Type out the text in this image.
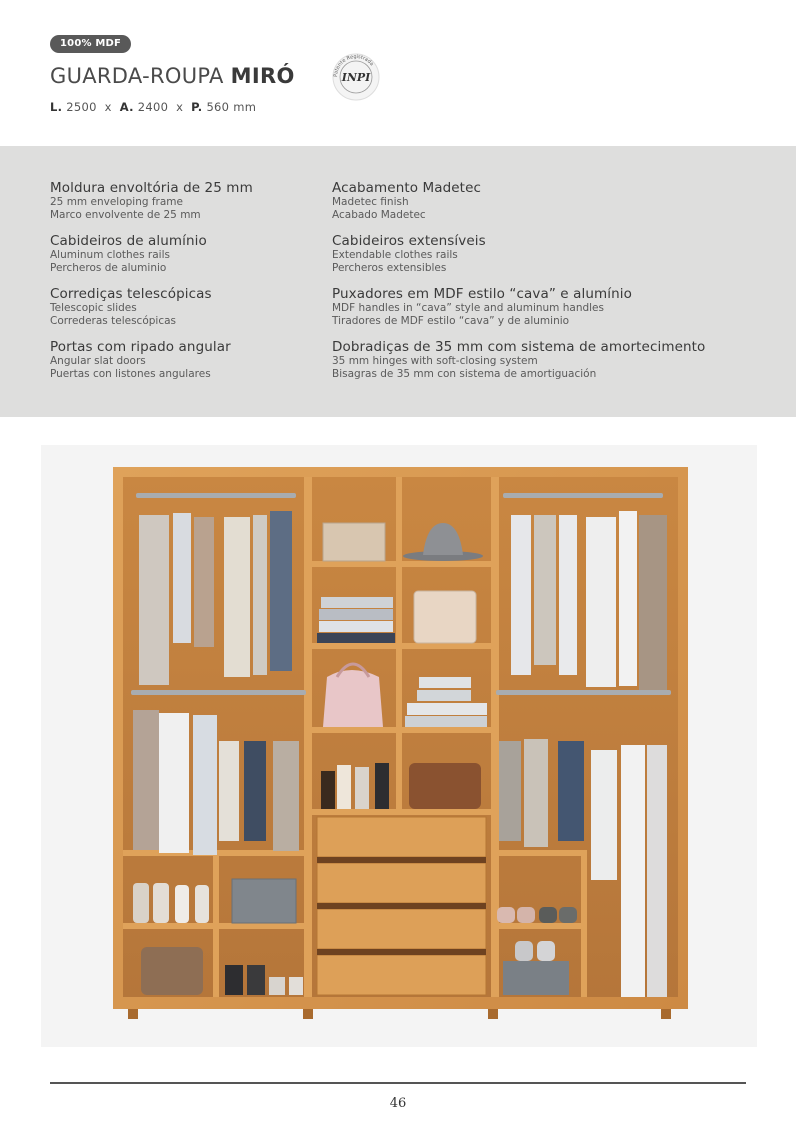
100% MDF
GUARDA-ROUPA MIRÓ	Patente Registrada
INPI
L. 2500 x A. 2400 x P. 560 mm
Moldura envoltória de 25 mm
25 mm enveloping frame
Marco envolvente de 25 mm
Acabamento Madetec
Madetec finish
Acabado Madetec
Cabideiros de alumínio
Aluminum clothes rails
Percheros de aluminio
Cabideiros extensíveis
Extendable clothes rails
Percheros extensibles
Corrediças telescópicas
Telescopic slides
Correderas telescópicas
Puxadores em MDF estilo “cava” e alumínio
MDF handles in “cava” style and aluminum handles
Tiradores de MDF estilo “cava” y de aluminio
Portas com ripado angular
Angular slat doors
Puertas con listones angulares
Dobradiças de 35 mm com sistema de amortecimento
35 mm hinges with soft-closing system
Bisagras de 35 mm con sistema de amortiguación
46
